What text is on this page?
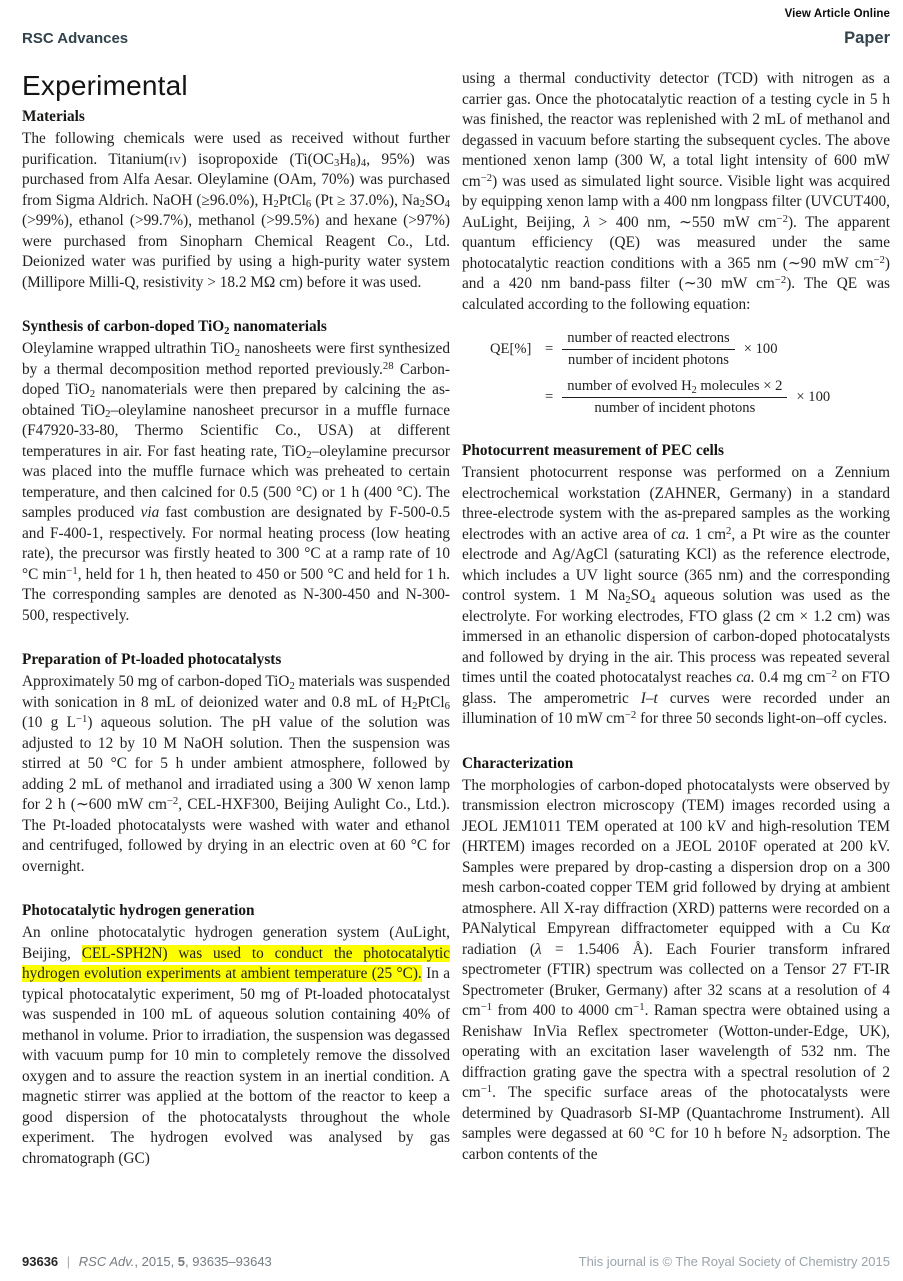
View Article Online
RSC Advances	Paper
Experimental
Materials

The following chemicals were used as received without further purification. Titanium(iv) isopropoxide ($Ti(OC_3H_8)_4$, 95%) was purchased from Alfa Aesar. Oleylamine (OAm, 70%) was purchased from Sigma Aldrich. NaOH (≥96.0%), $H_2PtCl_6$ (Pt ≥ 37.0%), $Na_2SO_4$ (>99%), ethanol (>99.7%), methanol (>99.5%) and hexane (>97%) were purchased from Sinopharn Chemical Reagent Co., Ltd. Deionized water was purified by using a high-purity water system (Millipore Milli-Q, resistivity > 18.2 MΩ cm) before it was used.

Synthesis of carbon-doped TiO$_2$ nanomaterials

Oleylamine wrapped ultrathin TiO$_2$ nanosheets were first synthesized by a thermal decomposition method reported previously.$^{28}$ Carbon-doped TiO$_2$ nanomaterials were then prepared by calcining the as-obtained TiO$_2$–oleylamine nanosheet precursor in a muffle furnace (F47920-33-80, Thermo Scientific Co., USA) at different temperatures in air. For fast heating rate, TiO$_2$–oleylamine precursor was placed into the muffle furnace which was preheated to certain temperature, and then calcined for 0.5 (500 °C) or 1 h (400 °C). The samples produced via fast combustion are designated by F-500-0.5 and F-400-1, respectively. For normal heating process (low heating rate), the precursor was firstly heated to 300 °C at a ramp rate of 10 °C $\min^{-1}$, held for 1 h, then heated to 450 or 500 °C and held for 1 h. The corresponding samples are denoted as N-300-450 and N-300-500, respectively.

Preparation of Pt-loaded photocatalysts

Approximately 50 mg of carbon-doped TiO$_2$ materials was suspended with sonication in 8 mL of deionized water and 0.8 mL of $H_2PtCl_6$ (10 g $L^{-1}$) aqueous solution. The pH value of the solution was adjusted to 12 by 10 M NaOH solution. Then the suspension was stirred at 50 °C for 5 h under ambient atmosphere, followed by adding 2 mL of methanol and irradiated using a 300 W xenon lamp for 2 h (∼600 mW $cm^{-2}$, CEL-HXF300, Beijing Aulight Co., Ltd.). The Pt-loaded photocatalysts were washed with water and ethanol and centrifuged, followed by drying in an electric oven at 60 °C for overnight.

Photocatalytic hydrogen generation

An online photocatalytic hydrogen generation system (AuLight, Beijing, CEL-SPH2N) was used to conduct the photocatalytic hydrogen evolution experiments at ambient temperature (25 °C). In a typical photocatalytic experiment, 50 mg of Pt-loaded photocatalyst was suspended in 100 mL of aqueous solution containing 40% of methanol in volume. Prior to irradiation, the suspension was degassed with vacuum pump for 10 min to completely remove the dissolved oxygen and to assure the reaction system in an inertial condition. A magnetic stirrer was applied at the bottom of the reactor to keep a good dispersion of the photocatalysts throughout the whole experiment. The hydrogen evolved was analysed by gas chromatograph (GC)

using a thermal conductivity detector (TCD) with nitrogen as a carrier gas. Once the photocatalytic reaction of a testing cycle in 5 h was finished, the reactor was replenished with 2 mL of methanol and degassed in vacuum before starting the subsequent cycles. The above mentioned xenon lamp (300 W, a total light intensity of 600 mW $cm^{-2}$) was used as simulated light source. Visible light was acquired by equipping xenon lamp with a 400 nm longpass filter (UVCUT400, AuLight, Beijing, λ > 400 nm, ∼550 mW $cm^{-2}$). The apparent quantum efficiency (QE) was measured under the same photocatalytic reaction conditions with a 365 nm (∼90 mW $cm^{-2}$) and a 420 nm band-pass filter (∼30 mW $cm^{-2}$). The QE was calculated according to the following equation:

$QE[\%] = \frac{\text{number of reacted electrons}}{\text{number of incident photons}} \times 100$
= $\frac{number of evolved H_2 molecules \times 2}{\text{number of incident photons}} \times 100$
Photocurrent measurement of PEC cells

Transient photocurrent response was performed on a Zennium electrochemical workstation (ZAHNER, Germany) in a standard three-electrode system with the as-prepared samples as the working electrodes with an active area of ca. 1 $cm^2$, a Pt wire as the counter electrode and Ag/AgCl (saturating KCl) as the reference electrode, which includes a UV light source (365 nm) and the corresponding control system. 1 M $Na_2SO_4$ aqueous solution was used as the electrolyte. For working electrodes, FTO glass (2 cm × 1.2 cm) was immersed in an ethanolic dispersion of carbon-doped photocatalysts and followed by drying in the air. This process was repeated several times until the coated photocatalyst reaches ca. 0.4 mg $cm^{-2}$ on FTO glass. The amperometric I–t curves were recorded under an illumination of 10 mW $cm^{-2}$ for three 50 seconds light-on–off cycles.

Characterization

The morphologies of carbon-doped photocatalysts were observed by transmission electron microscopy (TEM) images recorded using a JEOL JEM1011 TEM operated at 100 kV and high-resolution TEM (HRTEM) images recorded on a JEOL 2010F operated at 200 kV. Samples were prepared by drop-casting a dispersion drop on a 300 mesh carbon-coated copper TEM grid followed by drying at ambient atmosphere. All X-ray diffraction (XRD) patterns were recorded on a PANalytical Empyrean diffractometer equipped with a Cu Kα radiation (λ = 1.5406 Å). Each Fourier transform infrared spectrometer (FTIR) spectrum was collected on a Tensor 27 FT-IR Spectrometer (Bruker, Germany) after 32 scans at a resolution of 4 $cm^{-1}$ from 400 to 4000 $cm^{-1}$. Raman spectra were obtained using a Renishaw InVia Reflex spectrometer (Wotton-under-Edge, UK), operating with an excitation laser wavelength of 532 nm. The diffraction grating gave the spectra with a spectral resolution of 2 $cm^{-1}$. The specific surface areas of the photocatalysts were determined by Quadrasorb SI-MP (Quantachrome Instrument). All samples were degassed at 60 °C for 10 h before $N_2$ adsorption. The carbon contents of the

93636 | RSC Adv., 2015, 5, 93635–93643	This journal is © The Royal Society of Chemistry 2015
